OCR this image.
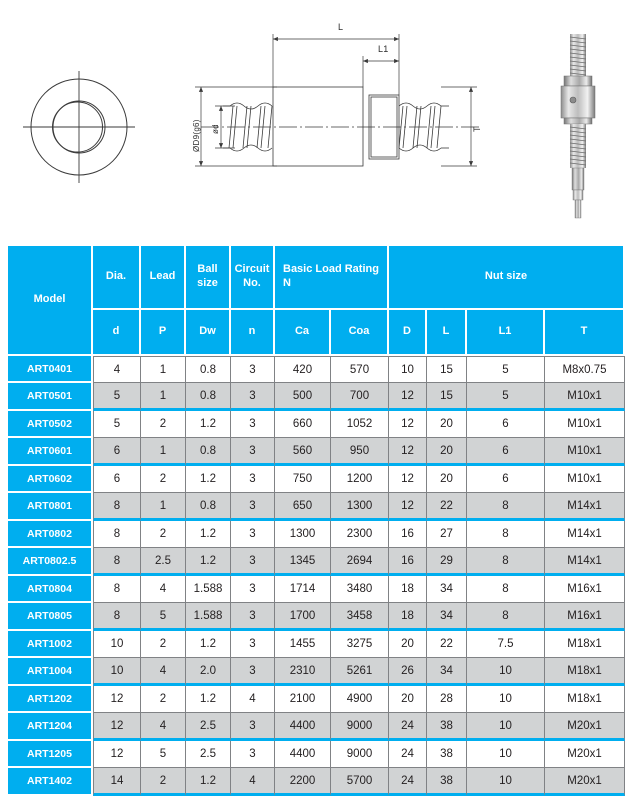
L
L1
T
ØD9(g6) ød
Model	Dia.	Lead	Ball size	Circuit No.	Basic Load Rating N		Nut size			
	d	P	Dw	n	Ca	Coa	D	L	L1	T
ART0401	4	1	0.8	3	420	570	10	15	5	M8x0.75
ART0501	5	1	0.8	3	500	700	12	15	5	M10x1
ART0502	5	2	1.2	3	660	1052	12	20	6	M10x1
ART0601	6	1	0.8	3	560	950	12	20	6	M10x1
ART0602	6	2	1.2	3	750	1200	12	20	6	M10x1
ART0801	8	1	0.8	3	650	1300	12	22	8	M14x1
ART0802	8	2	1.2	3	1300	2300	16	27	8	M14x1
ART0802.5	8	2.5	1.2	3	1345	2694	16	29	8	M14x1
ART0804	8	4	1.588	3	1714	3480	18	34	8	M16x1
ART0805	8	5	1.588	3	1700	3458	18	34	8	M16x1
ART1002	10	2	1.2	3	1455	3275	20	22	7.5	M18x1
ART1004	10	4	2.0	3	2310	5261	26	34	10	M18x1
ART1202	12	2	1.2	4	2100	4900	20	28	10	M18x1
ART1204	12	4	2.5	3	4400	9000	24	38	10	M20x1
ART1205	12	5	2.5	3	4400	9000	24	38	10	M20x1
ART1402	14	2	1.2	4	2200	5700	24	38	10	M20x1
